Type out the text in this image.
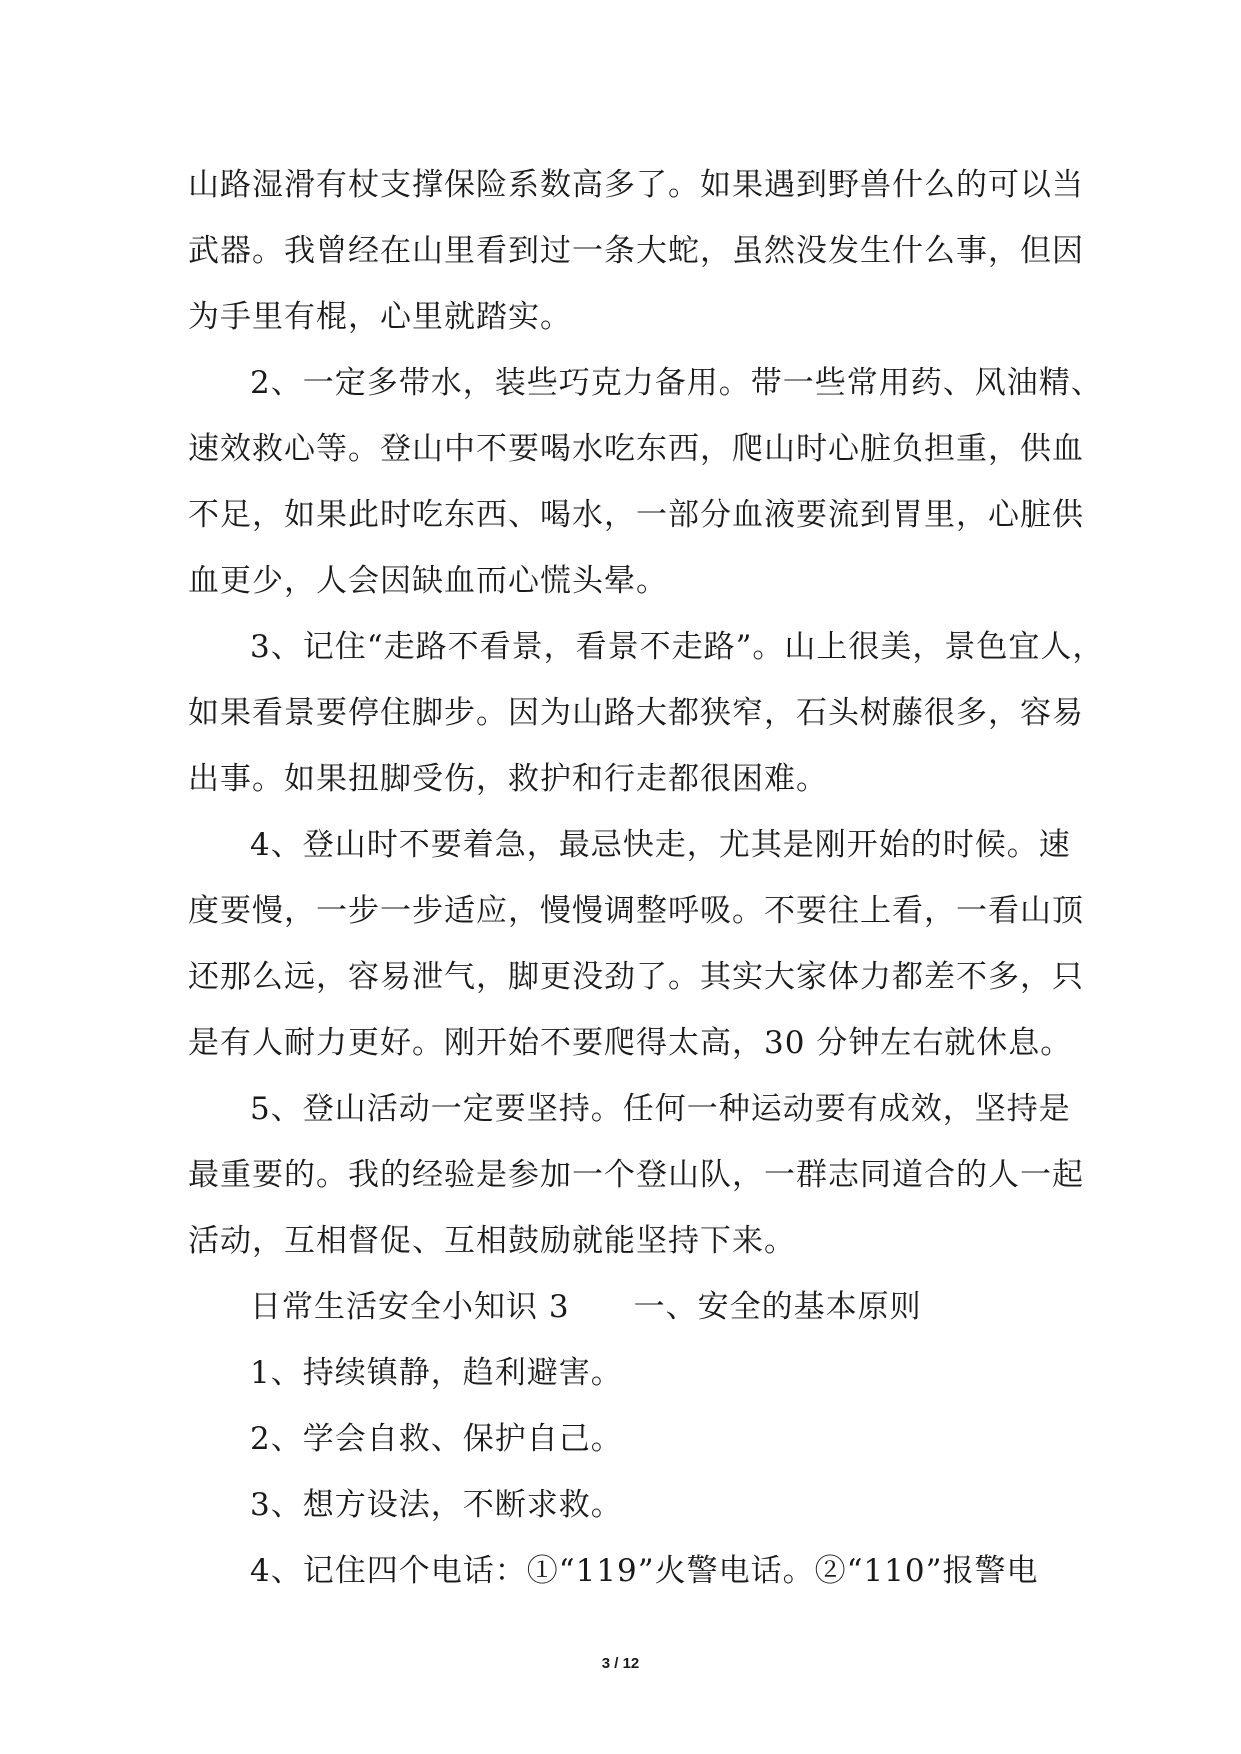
山路湿滑有杖支撑保险系数高多了。如果遇到野兽什么的可以当
武器。我曾经在山里看到过一条大蛇，虽然没发生什么事，但因
为手里有棍，心里就踏实。
2、一定多带水，装些巧克力备用。带一些常用药、风油精、
速效救心等。登山中不要喝水吃东西，爬山时心脏负担重，供血
不足，如果此时吃东西、喝水，一部分血液要流到胃里，心脏供
血更少，人会因缺血而心慌头晕。
3、记住“走路不看景，看景不走路”。山上很美，景色宜人，
如果看景要停住脚步。因为山路大都狭窄，石头树藤很多，容易
出事。如果扭脚受伤，救护和行走都很困难。
4、登山时不要着急，最忌快走，尤其是刚开始的时候。速
度要慢，一步一步适应，慢慢调整呼吸。不要往上看，一看山顶
还那么远，容易泄气，脚更没劲了。其实大家体力都差不多，只
是有人耐力更好。刚开始不要爬得太高，30 分钟左右就休息。
5、登山活动一定要坚持。任何一种运动要有成效，坚持是
最重要的。我的经验是参加一个登山队，一群志同道合的人一起
活动，互相督促、互相鼓励就能坚持下来。
日常生活安全小知识 3　　一、安全的基本原则
1、持续镇静，趋利避害。
2、学会自救、保护自己。
3、想方设法，不断求救。
4、记住四个电话：①“119”火警电话。②“110”报警电
3 / 12
